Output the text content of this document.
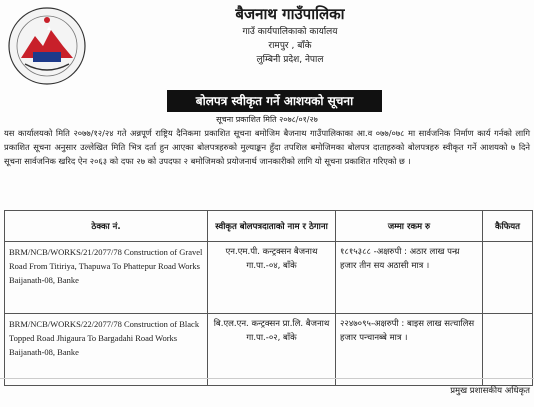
बैजनाथ गाउँपालिका
गाउँ कार्यपालिकाको कार्यालय
रामपुर , बाँके
लुम्बिनी प्रदेश, नेपाल
बोलपत्र स्वीकृत गर्ने आशयको सूचना
सूचना प्रकाशित मिति २०७८/०१/२७
यस कार्यालयको मिति २०७७/१२/२४ गते अन्नपूर्ण राष्ट्रिय दैनिकमा प्रकाशित सूचना बमोजिम बैजनाथ गाउँपालिकाका आ.व ०७७/०७८ मा सार्वजनिक निर्माण कार्य गर्नको लागि प्रकाशित सूचना अनुसार उल्लेखित मिति भित्र दर्ता हुन आएका बोलपत्रहरुको मुल्याङ्कन हुँदा तपशिल बमोजिमका बोलपत्र दाताहरुको बोलपत्रहरु स्वीकृत गर्ने आशयको ७ दिने सूचना सार्वजनिक खरिद ऐन २०६३ को दफा २७ को उपदफा २ बमोजिमको प्रयोजनार्थ जानकारीको लागि यो सूचना प्रकाशित गरिएको छ ।
ठेक्का नं.	स्वीकृत बोलपत्रदाताको नाम र ठेगाना	जम्मा रकम रु	कैफियत
BRM/NCB/WORKS/21/2077/78 Construction of Gravel Road From Titiriya, Thapuwa To Phattepur Road Works Baijanath-08, Banke	एन.एम.पी. कन्ट्रक्सन बैजनाथ गा.पा.-०४, बाँके	१८१५३८८ -अक्षरुपी : अठार लाख पन्ध्र हजार तीन सय अठासी मात्र ।	
BRM/NCB/WORKS/22/2077/78 Construction of Black Topped Road Jhigaura To Bargadahi Road Works Baijanath-08, Banke	बि.एल.एन. कन्ट्रक्सन प्रा.लि. बैजनाथ गा.पा.-०२, बाँके	२२४७०९५-अक्षरुपी : बाइस लाख सत्चालिस हजार पन्चानब्बे मात्र ।	
प्रमुख प्रशासकीय अधिकृत
